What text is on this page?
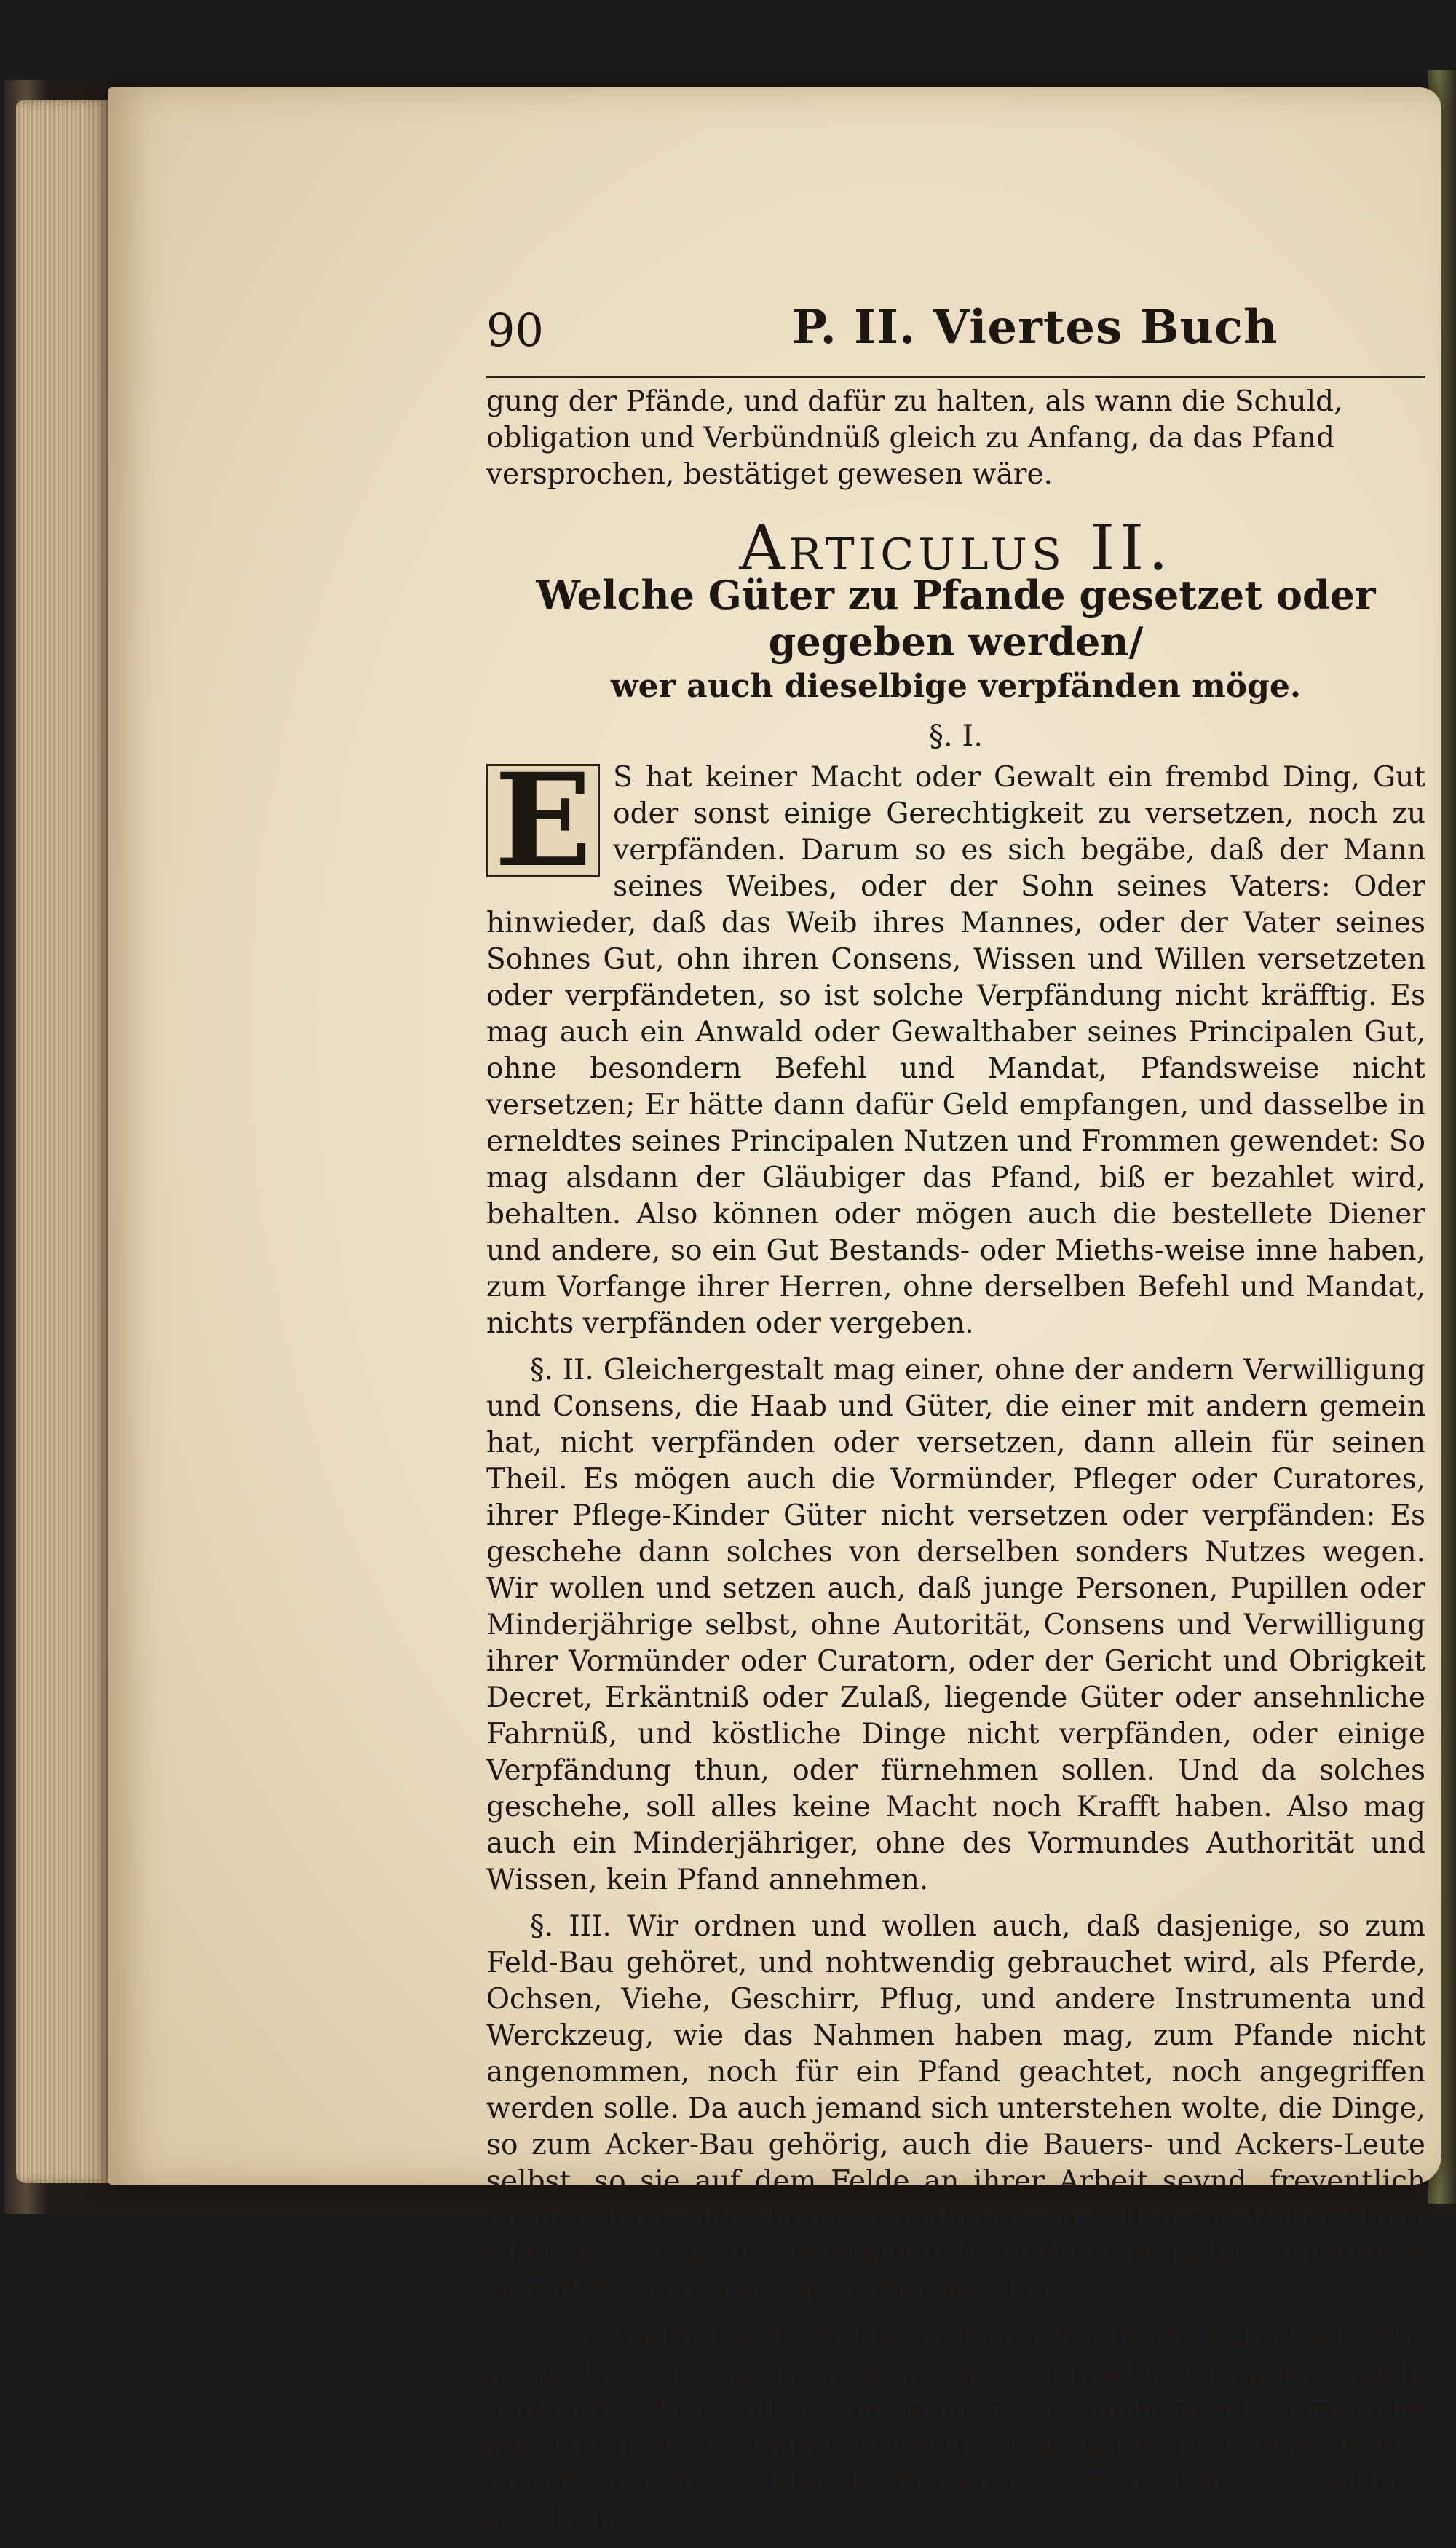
90	P. II. Viertes Buch

gung der Pfände, und dafür zu halten, als wann die Schuld, obligation und Verbündnüß gleich zu Anfang, da das Pfand versprochen, bestätiget gewesen wäre.

Articulus II.
Welche Güter zu Pfande gesetzet oder gegeben werden/
wer auch dieselbige verpfänden möge.
§. I.

E S hat keiner Macht oder Gewalt ein frembd Ding, Gut oder sonst einige Gerechtigkeit zu versetzen, noch zu verpfänden. Darum so es sich begäbe, daß der Mann seines Weibes, oder der Sohn seines Vaters: Oder hinwieder, daß das Weib ihres Mannes, oder der Vater seines Sohnes Gut, ohn ihren Consens, Wissen und Willen versetzeten oder verpfändeten, so ist solche Verpfändung nicht kräfftig. Es mag auch ein Anwald oder Gewalthaber seines Principalen Gut, ohne besondern Befehl und Mandat, Pfandsweise nicht versetzen; Er hätte dann dafür Geld empfangen, und dasselbe in erneldtes seines Principalen Nutzen und Frommen gewendet: So mag alsdann der Gläubiger das Pfand, biß er bezahlet wird, behalten. Also können oder mögen auch die bestellete Diener und andere, so ein Gut Bestands- oder Mieths-weise inne haben, zum Vorfange ihrer Herren, ohne derselben Befehl und Mandat, nichts verpfänden oder vergeben.

§. II. Gleichergestalt mag einer, ohne der andern Verwilligung und Consens, die Haab und Güter, die einer mit andern gemein hat, nicht verpfänden oder versetzen, dann allein für seinen Theil. Es mögen auch die Vormünder, Pfleger oder Curatores, ihrer Pflege-Kinder Güter nicht versetzen oder verpfänden: Es geschehe dann solches von derselben sonders Nutzes wegen. Wir wollen und setzen auch, daß junge Personen, Pupillen oder Minderjährige selbst, ohne Autorität, Consens und Verwilligung ihrer Vormünder oder Curatorn, oder der Gericht und Obrigkeit Decret, Erkäntniß oder Zulaß, liegende Güter oder ansehnliche Fahrnüß, und köstliche Dinge nicht verpfänden, oder einige Verpfändung thun, oder fürnehmen sollen. Und da solches geschehe, soll alles keine Macht noch Krafft haben. Also mag auch ein Minderjähriger, ohne des Vormundes Authorität und Wissen, kein Pfand annehmen.

§. III. Wir ordnen und wollen auch, daß dasjenige, so zum Feld-Bau gehöret, und nohtwendig gebrauchet wird, als Pferde, Ochsen, Viehe, Geschirr, Pflug, und andere Instrumenta und Werckzeug, wie das Nahmen haben mag, zum Pfande nicht angenommen, noch für ein Pfand geachtet, noch angegriffen werden solle. Da auch jemand sich unterstehen wolte, die Dinge, so zum Acker-Bau gehörig, auch die Bauers- und Ackers-Leute selbst, so sie auf dem Felde an ihrer Arbeit seynd, freventlich anzugreiffen, oder hinwegzunehmen, so sollen die Ueberfahrer oder Verbrecher mit vierfacher Wiederkehrung alles zugefügten Schadens, und sonst gestraffet werden.

§. IV. Allermassen wie die strittigen Haab und Güter, oder die in Rechtfertigung irrig oder mit Zwietracht verfangen, nicht verkaufft: Also sollen und mögen sie auch nicht verpfändet werden. Jedoch mögen briefliche Urkunden und Instrumenta einem andern zu Pfande gesetzet werden. Und wo solches geschicht,
